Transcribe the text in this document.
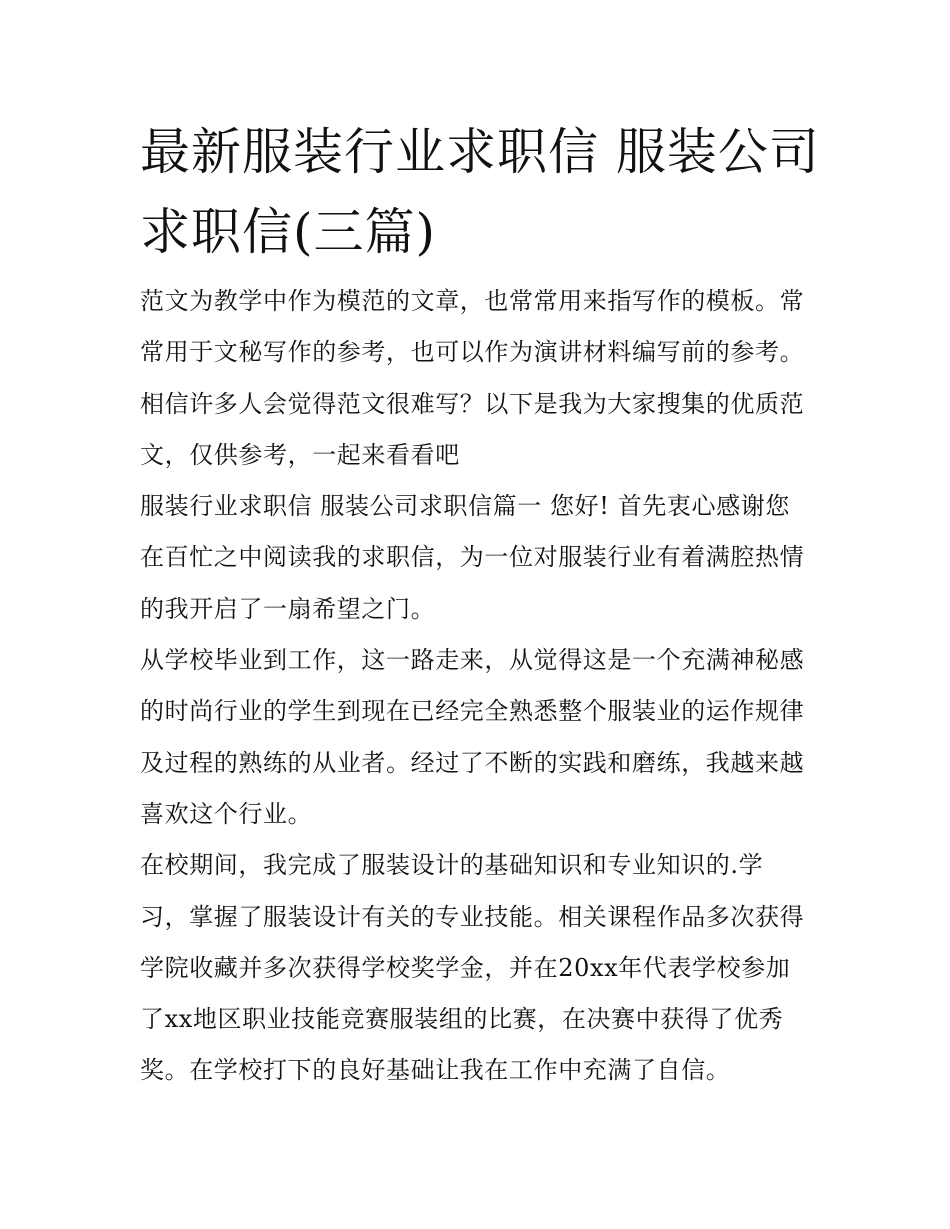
最新服装行业求职信 服装公司
求职信(三篇)
范文为教学中作为模范的文章，也常常用来指写作的模板。常
常用于文秘写作的参考，也可以作为演讲材料编写前的参考。
相信许多人会觉得范文很难写？以下是我为大家搜集的优质范
文，仅供参考，一起来看看吧
服装行业求职信 服装公司求职信篇一 您好! 首先衷心感谢您
在百忙之中阅读我的求职信，为一位对服装行业有着满腔热情
的我开启了一扇希望之门。
从学校毕业到工作，这一路走来，从觉得这是一个充满神秘感
的时尚行业的学生到现在已经完全熟悉整个服装业的运作规律
及过程的熟练的从业者。经过了不断的实践和磨练，我越来越
喜欢这个行业。
在校期间，我完成了服装设计的基础知识和专业知识的.学
习，掌握了服装设计有关的专业技能。相关课程作品多次获得
学院收藏并多次获得学校奖学金，并在20xx年代表学校参加
了xx地区职业技能竞赛服装组的比赛，在决赛中获得了优秀
奖。在学校打下的良好基础让我在工作中充满了自信。
